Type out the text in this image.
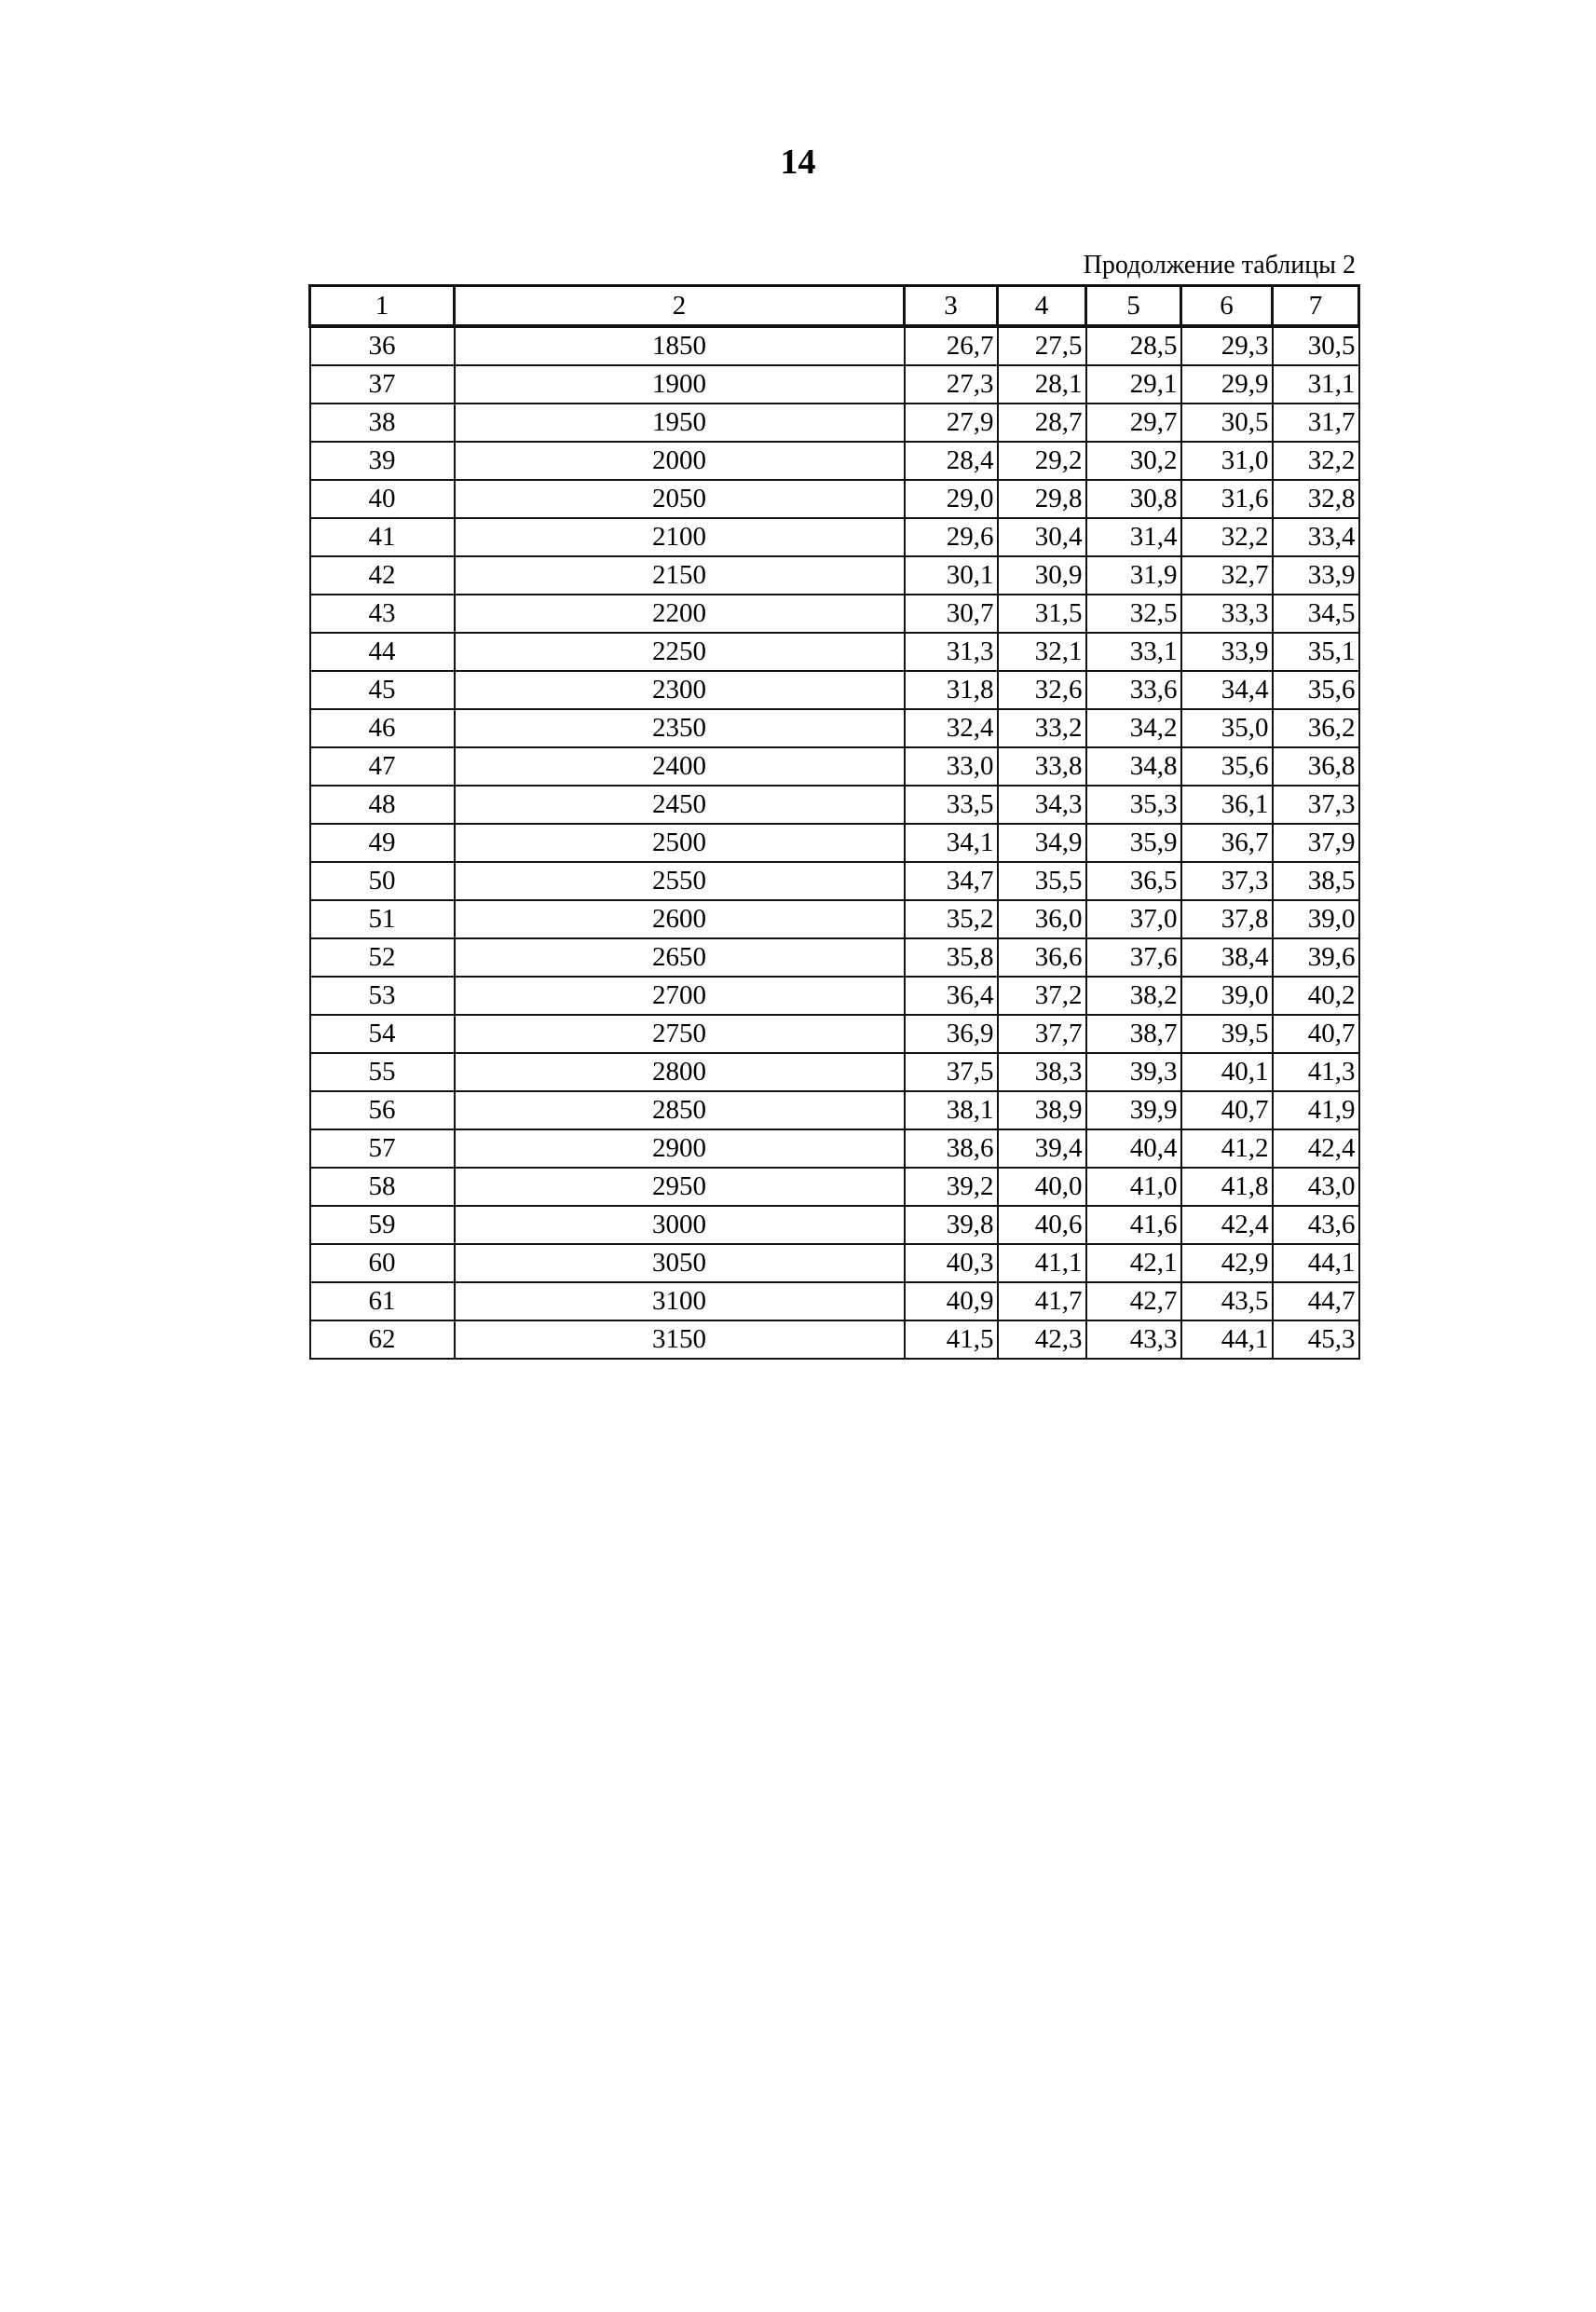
14
Продолжение таблицы 2
1	2	3	4	5	6	7
36	1850	26,7	27,5	28,5	29,3	30,5
37	1900	27,3	28,1	29,1	29,9	31,1
38	1950	27,9	28,7	29,7	30,5	31,7
39	2000	28,4	29,2	30,2	31,0	32,2
40	2050	29,0	29,8	30,8	31,6	32,8
41	2100	29,6	30,4	31,4	32,2	33,4
42	2150	30,1	30,9	31,9	32,7	33,9
43	2200	30,7	31,5	32,5	33,3	34,5
44	2250	31,3	32,1	33,1	33,9	35,1
45	2300	31,8	32,6	33,6	34,4	35,6
46	2350	32,4	33,2	34,2	35,0	36,2
47	2400	33,0	33,8	34,8	35,6	36,8
48	2450	33,5	34,3	35,3	36,1	37,3
49	2500	34,1	34,9	35,9	36,7	37,9
50	2550	34,7	35,5	36,5	37,3	38,5
51	2600	35,2	36,0	37,0	37,8	39,0
52	2650	35,8	36,6	37,6	38,4	39,6
53	2700	36,4	37,2	38,2	39,0	40,2
54	2750	36,9	37,7	38,7	39,5	40,7
55	2800	37,5	38,3	39,3	40,1	41,3
56	2850	38,1	38,9	39,9	40,7	41,9
57	2900	38,6	39,4	40,4	41,2	42,4
58	2950	39,2	40,0	41,0	41,8	43,0
59	3000	39,8	40,6	41,6	42,4	43,6
60	3050	40,3	41,1	42,1	42,9	44,1
61	3100	40,9	41,7	42,7	43,5	44,7
62	3150	41,5	42,3	43,3	44,1	45,3
